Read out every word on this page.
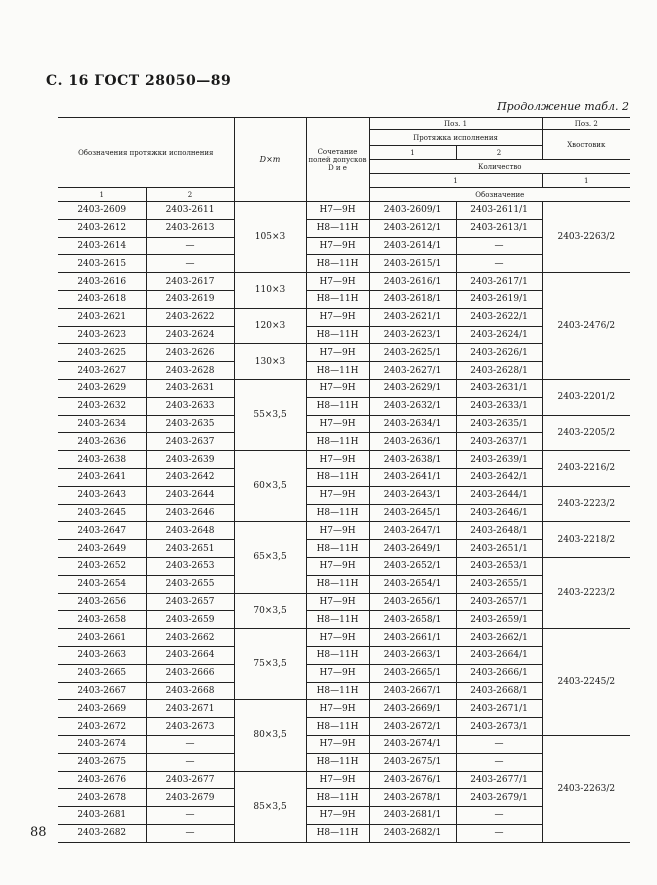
С. 16 ГОСТ 28050—89
Продолжение табл. 2
Обозначения протяжки исполнения		D×m	Сочетание полей допусков D и e	Поз. 1		Поз. 2
				Протяжка исполнения		Хвостовик
				1	2	
				Количество		
				1		1
1	2			Обозначение		
2403-2609	2403-2611	105×3	Н7—9Н	2403-2609/1	2403-2611/1	2403-2263/2
2403-2612	2403-2613		Н8—11Н	2403-2612/1	2403-2613/1	
2403-2614	—		Н7—9Н	2403-2614/1	—	
2403-2615	—		Н8—11Н	2403-2615/1	—	
2403-2616	2403-2617	110×3	Н7—9Н	2403-2616/1	2403-2617/1	2403-2476/2
2403-2618	2403-2619		Н8—11Н	2403-2618/1	2403-2619/1	
2403-2621	2403-2622	120×3	Н7—9Н	2403-2621/1	2403-2622/1	
2403-2623	2403-2624		Н8—11Н	2403-2623/1	2403-2624/1	
2403-2625	2403-2626	130×3	Н7—9Н	2403-2625/1	2403-2626/1	
2403-2627	2403-2628		Н8—11Н	2403-2627/1	2403-2628/1	
2403-2629	2403-2631	55×3,5	Н7—9Н	2403-2629/1	2403-2631/1	2403-2201/2
2403-2632	2403-2633		Н8—11Н	2403-2632/1	2403-2633/1	
2403-2634	2403-2635		Н7—9Н	2403-2634/1	2403-2635/1	2403-2205/2
2403-2636	2403-2637		Н8—11Н	2403-2636/1	2403-2637/1	
2403-2638	2403-2639	60×3,5	Н7—9Н	2403-2638/1	2403-2639/1	2403-2216/2
2403-2641	2403-2642		Н8—11Н	2403-2641/1	2403-2642/1	
2403-2643	2403-2644		Н7—9Н	2403-2643/1	2403-2644/1	2403-2223/2
2403-2645	2403-2646		Н8—11Н	2403-2645/1	2403-2646/1	
2403-2647	2403-2648	65×3,5	Н7—9Н	2403-2647/1	2403-2648/1	2403-2218/2
2403-2649	2403-2651		Н8—11Н	2403-2649/1	2403-2651/1	
2403-2652	2403-2653		Н7—9Н	2403-2652/1	2403-2653/1	2403-2223/2
2403-2654	2403-2655		Н8—11Н	2403-2654/1	2403-2655/1	
2403-2656	2403-2657	70×3,5	Н7—9Н	2403-2656/1	2403-2657/1	
2403-2658	2403-2659		Н8—11Н	2403-2658/1	2403-2659/1	
2403-2661	2403-2662	75×3,5	Н7—9Н	2403-2661/1	2403-2662/1	2403-2245/2
2403-2663	2403-2664		Н8—11Н	2403-2663/1	2403-2664/1	
2403-2665	2403-2666		Н7—9Н	2403-2665/1	2403-2666/1	
2403-2667	2403-2668		Н8—11Н	2403-2667/1	2403-2668/1	
2403-2669	2403-2671	80×3,5	Н7—9Н	2403-2669/1	2403-2671/1	
2403-2672	2403-2673		Н8—11Н	2403-2672/1	2403-2673/1	
2403-2674	—		Н7—9Н	2403-2674/1	—	2403-2263/2
2403-2675	—		Н8—11Н	2403-2675/1	—	
2403-2676	2403-2677	85×3,5	Н7—9Н	2403-2676/1	2403-2677/1	
2403-2678	2403-2679		Н8—11Н	2403-2678/1	2403-2679/1	
2403-2681	—		Н7—9Н	2403-2681/1	—	
2403-2682	—		Н8—11Н	2403-2682/1	—	
88
